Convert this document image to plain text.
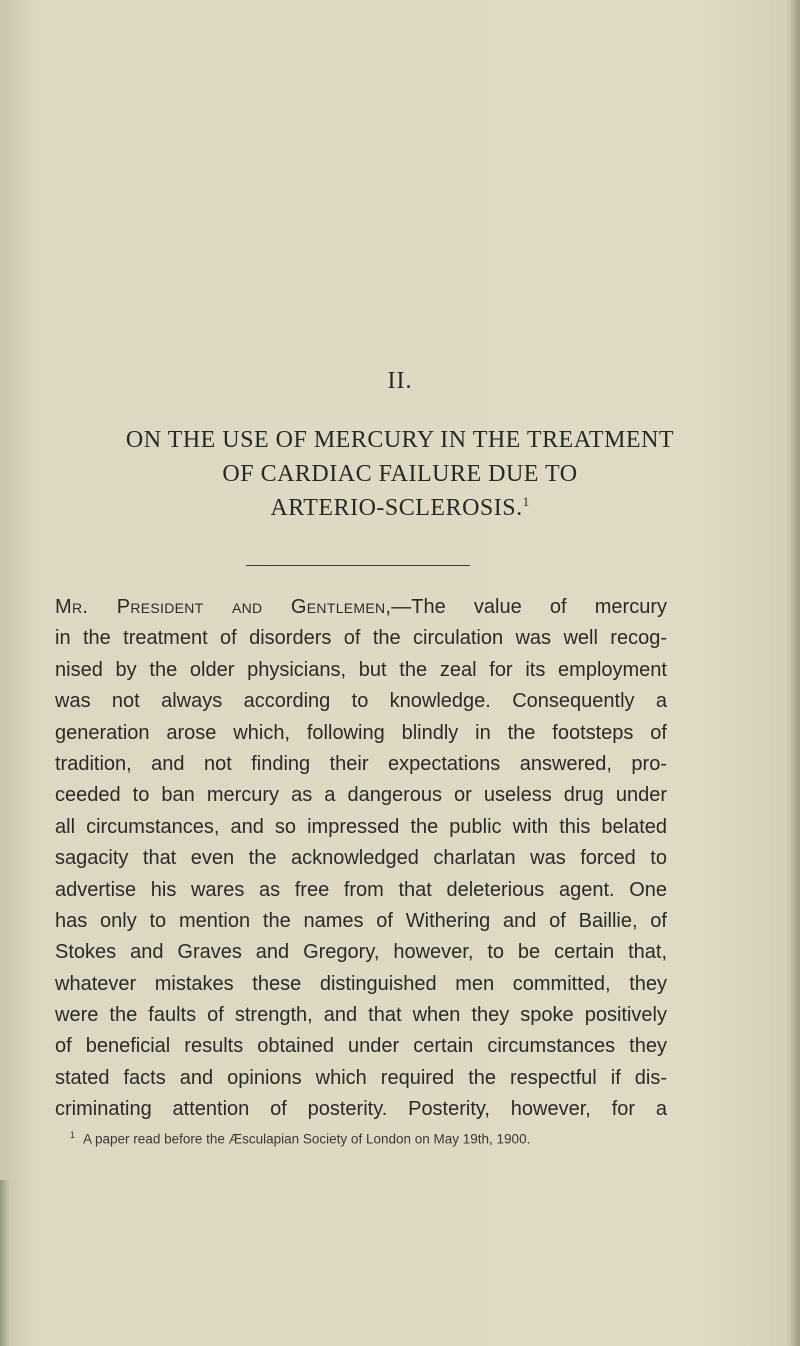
II.
ON THE USE OF MERCURY IN THE TREATMENT
OF CARDIAC FAILURE DUE TO
ARTERIO-SCLEROSIS.$^1$
Mr. President and Gentlemen,—The value of mercury
in the treatment of disorders of the circulation was well recog-
nised by the older physicians, but the zeal for its employment
was not always according to knowledge. Consequently a
generation arose which, following blindly in the footsteps of
tradition, and not finding their expectations answered, pro-
ceeded to ban mercury as a dangerous or useless drug under
all circumstances, and so impressed the public with this belated
sagacity that even the acknowledged charlatan was forced to
advertise his wares as free from that deleterious agent. One
has only to mention the names of Withering and of Baillie, of
Stokes and Graves and Gregory, however, to be certain that,
whatever mistakes these distinguished men committed, they
were the faults of strength, and that when they spoke positively
of beneficial results obtained under certain circumstances they
stated facts and opinions which required the respectful if dis-
criminating attention of posterity. Posterity, however, for a
$^1$ A paper read before the Æsculapian Society of London on May 19th, 1900.
